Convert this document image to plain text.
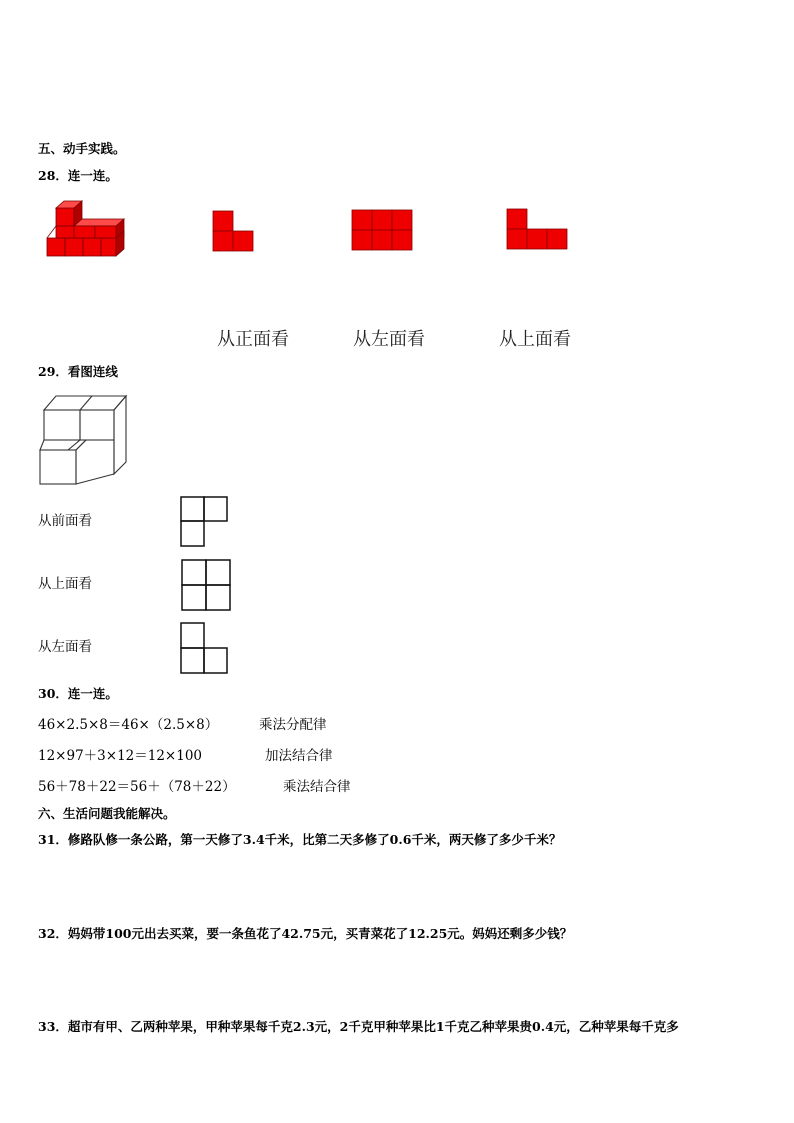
五、动手实践。
28．连一连。
从正面看	从左面看	从上面看
29．看图连线
从前面看
从上面看
从左面看
30．连一连。
46×2.5×8＝46×（2.5×8）	乘法分配律
12×97＋3×12＝12×100	加法结合律
56＋78＋22＝56＋（78＋22）	乘法结合律
六、生活问题我能解决。
31．修路队修一条公路，第一天修了3.4千米，比第二天多修了0.6千米，两天修了多少千米？
32．妈妈带100元出去买菜，要一条鱼花了42.75元，买青菜花了12.25元。妈妈还剩多少钱？
33．超市有甲、乙两种苹果，甲种苹果每千克2.3元，2千克甲种苹果比1千克乙种苹果贵0.4元，乙种苹果每千克多
